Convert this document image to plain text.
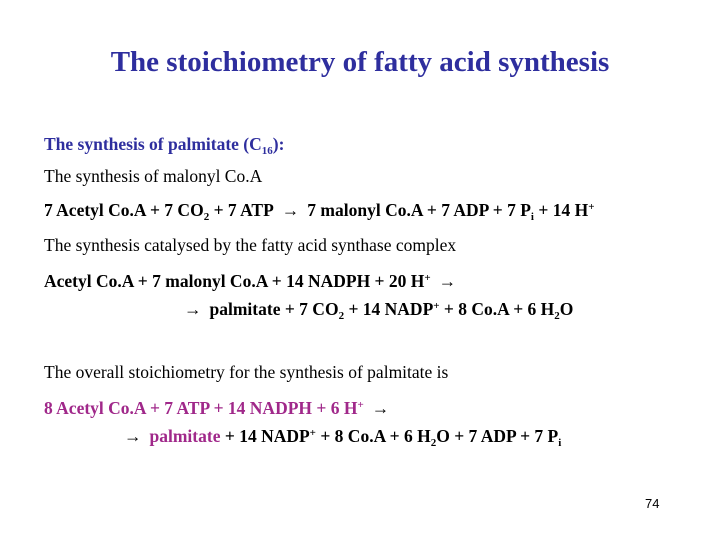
The stoichiometry of fatty acid synthesis
The synthesis of palmitate $(C_{16})$:
The synthesis of malonyl Co.A
7 Acetyl Co.A + 7 $CO_2 + 7$ ATP → 7 malonyl Co.A + 7 ADP + 7 $P_i + 14$ H+
The synthesis catalysed by the fatty acid synthase complex
Acetyl Co.A + 7 malonyl Co.A + 14 NADPH + 20 H+ →
→ palmitate + 7 $CO_2 + 14$ NADP+ + 8 Co.A + 6 $H_2O$
The overall stoichiometry for the synthesis of palmitate is
8 Acetyl Co.A + 7 ATP + 14 NADPH + 6 H+ →
→ palmitate + 14 NADP+ + 8 Co.A + 6 $H_2O + 7$ ADP + 7 $P_i$
74
